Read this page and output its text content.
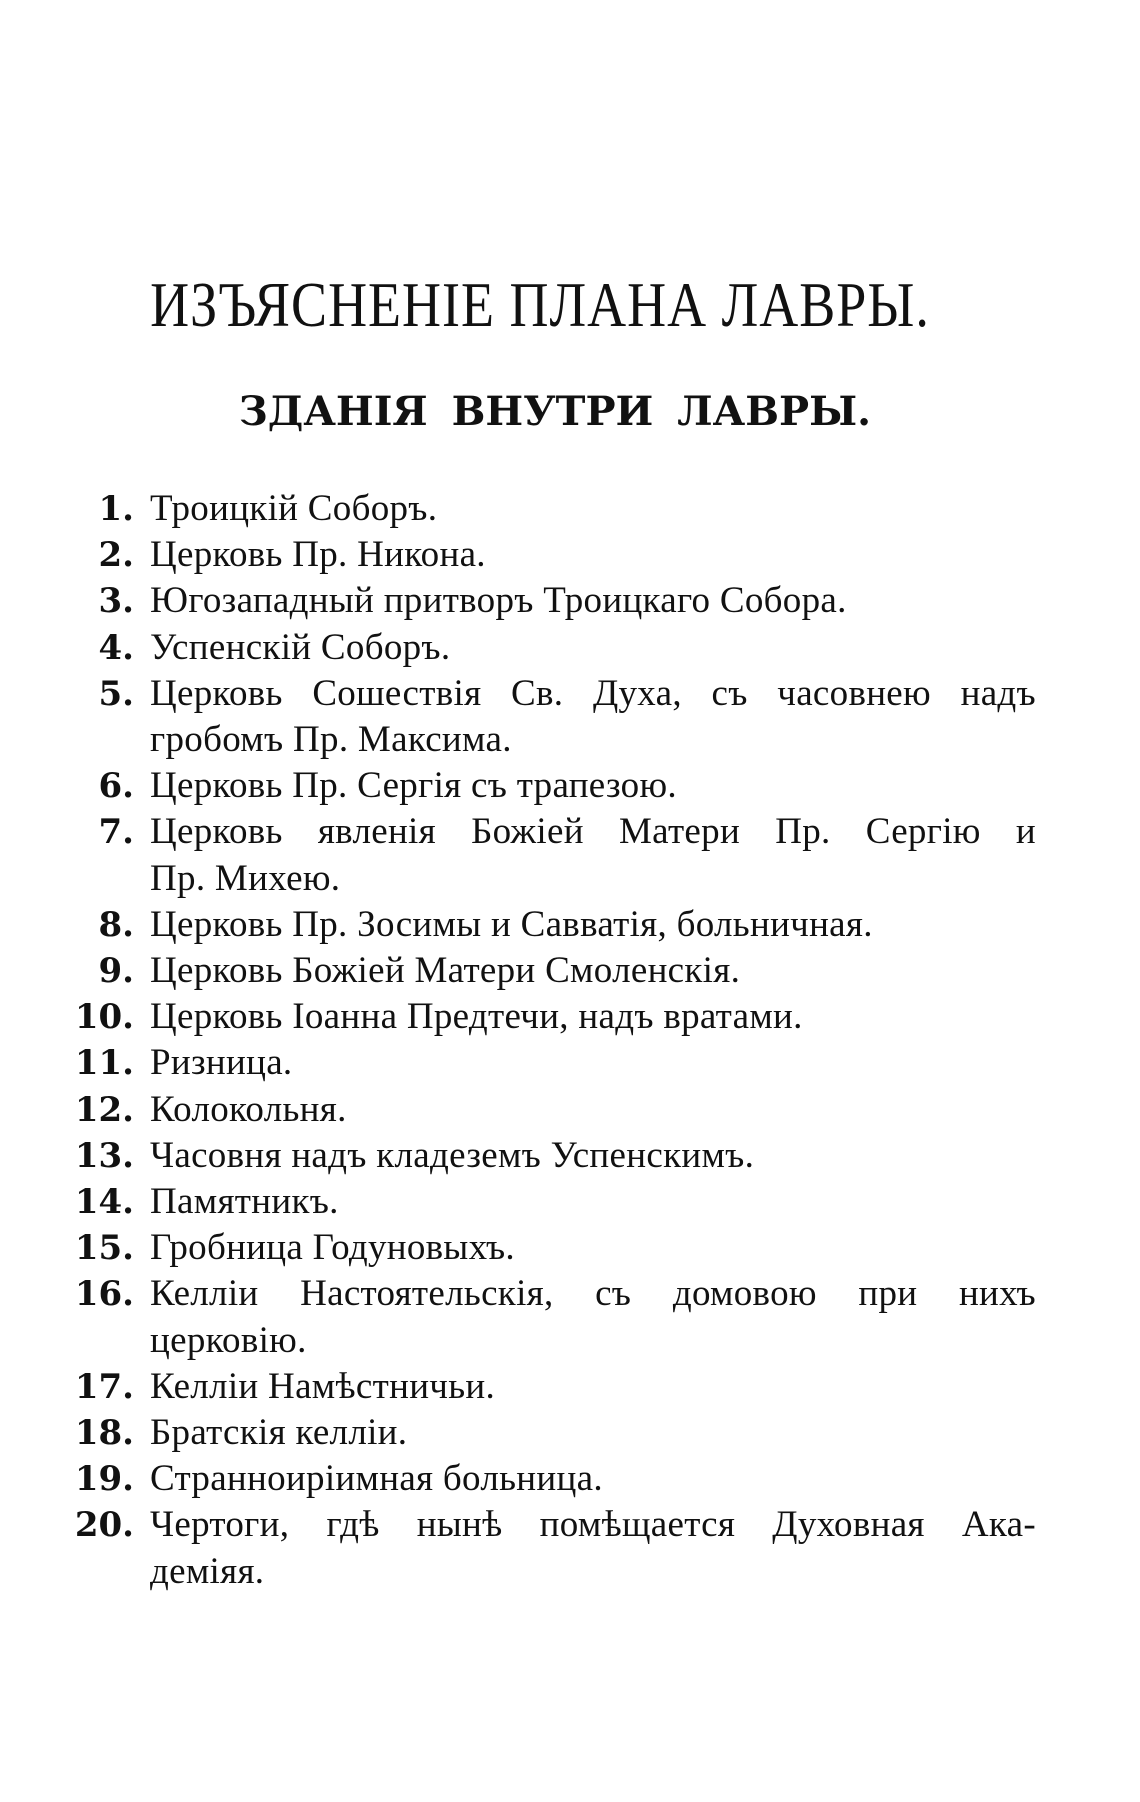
ИЗЪЯСНЕНІЕ ПЛАНА ЛАВРЫ.
ЗДАНІЯ ВНУТРИ ЛАВРЫ.
1. Троицкій Соборъ.
2. Церковь Пр. Никона.
3. Югозападный притворъ Троицкаго Собора.
4. Успенскій Соборъ.
5. Церковь Сошествія Св. Духа, съ часовнею надъ
гробомъ Пр. Максима.
6. Церковь Пр. Сергія съ трапезою.
7. Церковь явленія Божіей Матери Пр. Сергію и
Пр. Михею.
8. Церковь Пр. Зосимы и Савватія, больничная.
9. Церковь Божіей Матери Смоленскія.
10. Церковь Іоанна Предтечи, надъ вратами.
11. Ризница.
12. Колокольня.
13. Часовня надъ кладеземъ Успенскимъ.
14. Памятникъ.
15. Гробница Годуновыхъ.
16. Келліи Настоятельскія, съ домовою при нихъ
церковію.
17. Келліи Намѣстничьи.
18. Братскія келліи.
19. Странноиріимная больница.
20. Чертоги, гдѣ нынѣ помѣщается Духовная Ака-
деміяя.
